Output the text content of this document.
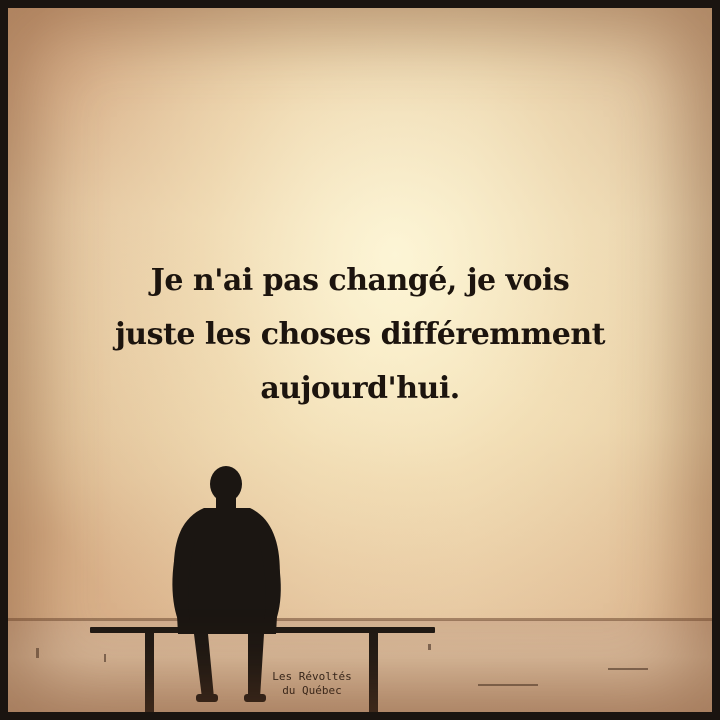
Je n'ai pas changé, je vois
juste les choses différemment
aujourd'hui.
Les Révoltés
du Québec
